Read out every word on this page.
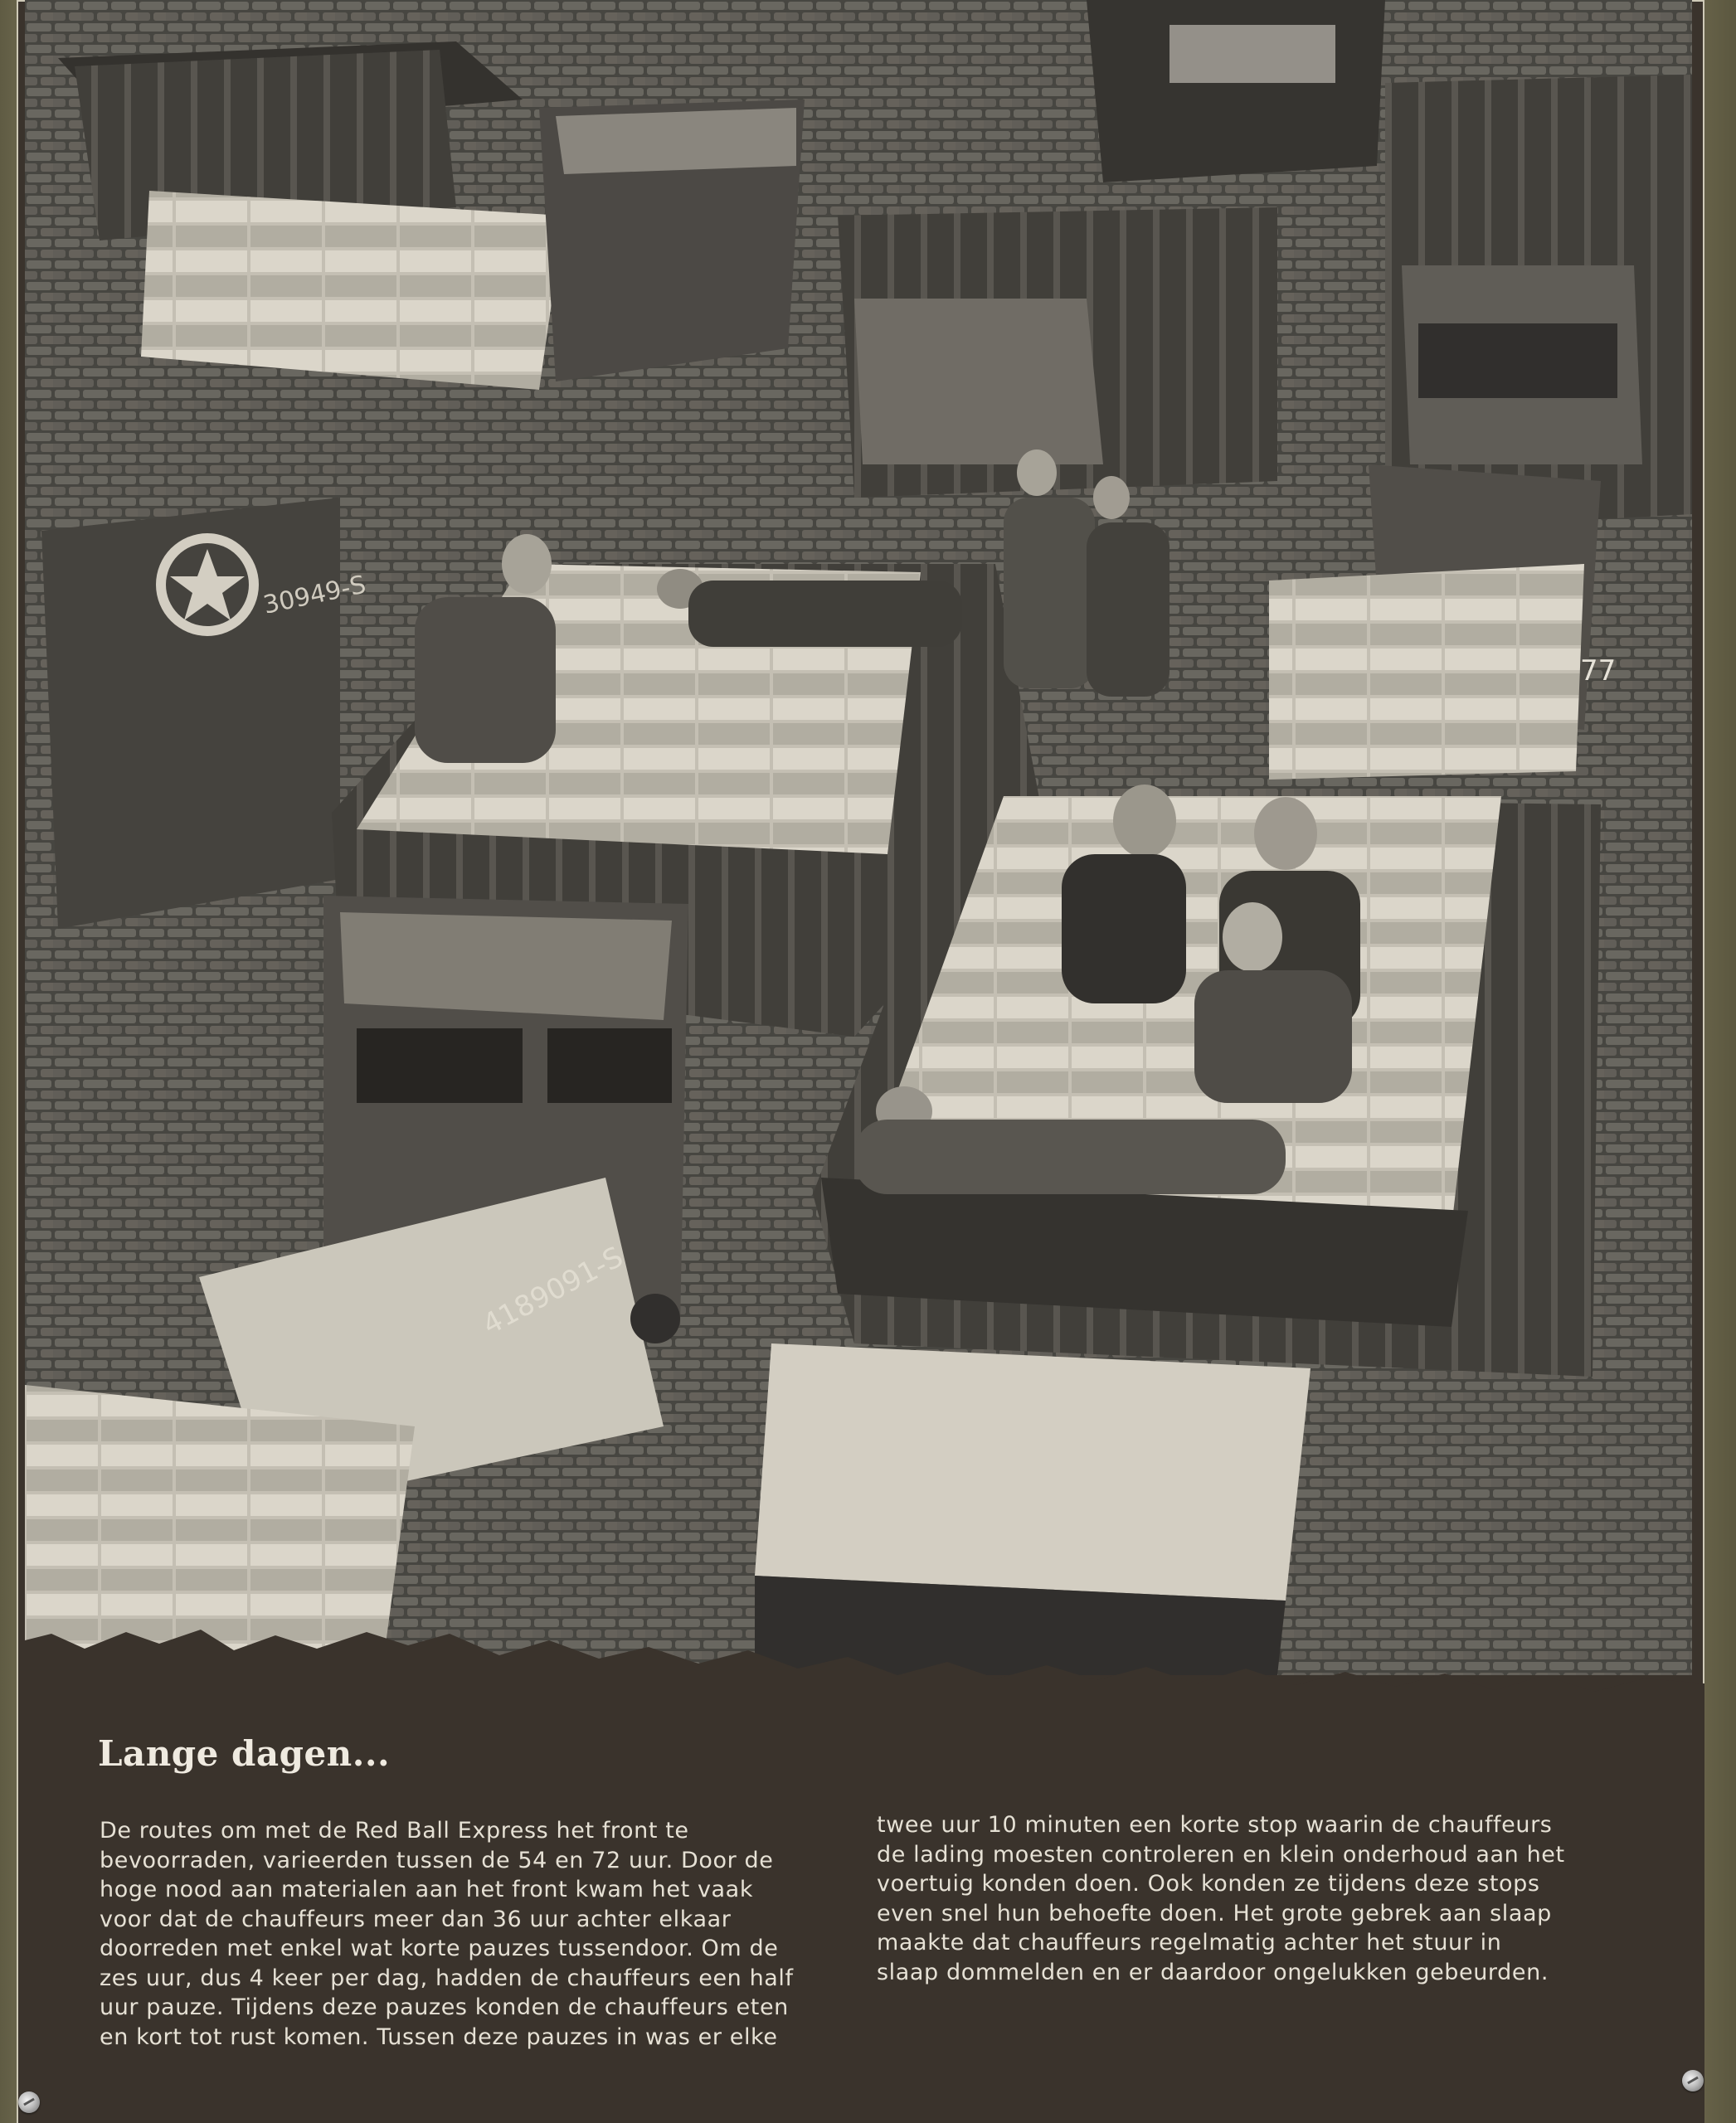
30949-S
4189091-S
77
Lange dagen...
De routes om met de Red Ball Express het front te
bevoorraden, varieerden tussen de 54 en 72 uur. Door de
hoge nood aan materialen aan het front kwam het vaak
voor dat de chauffeurs meer dan 36 uur achter elkaar
doorreden met enkel wat korte pauzes tussendoor. Om de
zes uur, dus 4 keer per dag, hadden de chauffeurs een half
uur pauze. Tijdens deze pauzes konden de chauffeurs eten
en kort tot rust komen. Tussen deze pauzes in was er elke
twee uur 10 minuten een korte stop waarin de chauffeurs
de lading moesten controleren en klein onderhoud aan het
voertuig konden doen. Ook konden ze tijdens deze stops
even snel hun behoefte doen. Het grote gebrek aan slaap
maakte dat chauffeurs regelmatig achter het stuur in
slaap dommelden en er daardoor ongelukken gebeurden.
